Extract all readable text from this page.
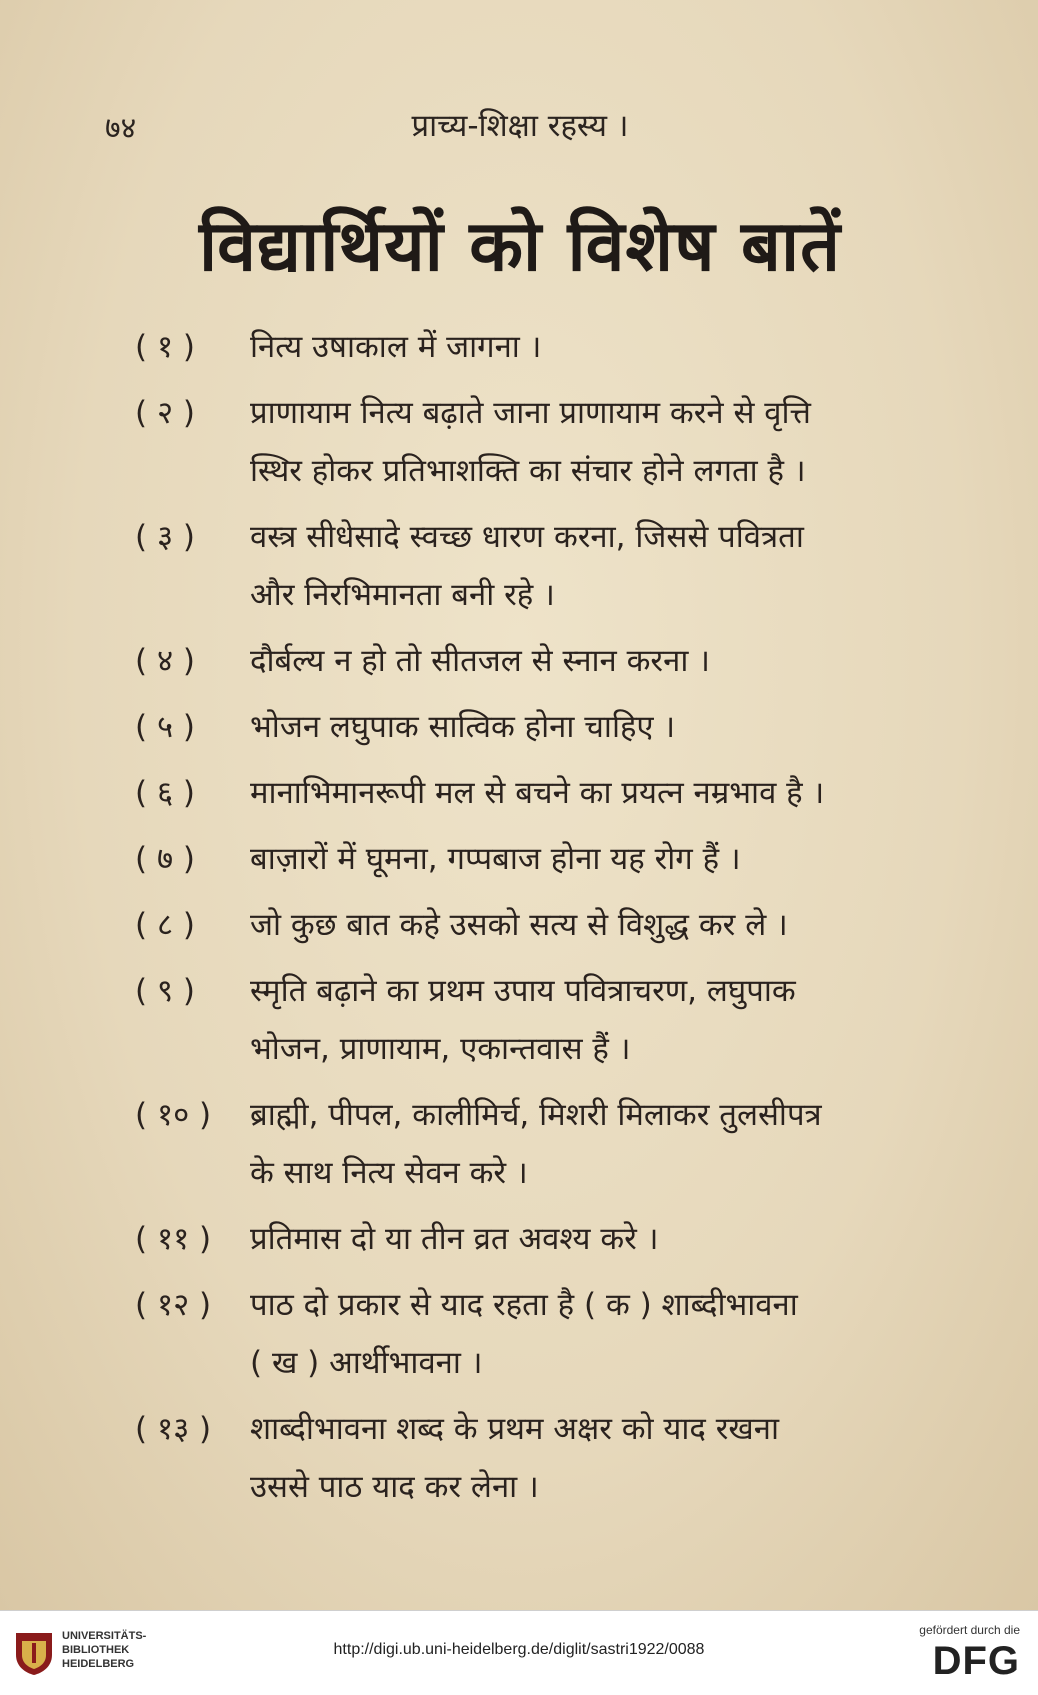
७४	प्राच्य-शिक्षा रहस्य ।
विद्यार्थियों को विशेष बातें
( १ )	नित्य उषाकाल में जागना ।
( २ )	प्राणायाम नित्य बढ़ाते जाना प्राणायाम करने से वृत्ति
स्थिर होकर प्रतिभाशक्ति का संचार होने लगता है ।
( ३ )	वस्त्र सीधेसादे स्वच्छ धारण करना, जिससे पवित्रता
और निरभिमानता बनी रहे ।
( ४ )	दौर्बल्य न हो तो सीतजल से स्नान करना ।
( ५ )	भोजन लघुपाक सात्विक होना चाहिए ।
( ६ )	मानाभिमानरूपी मल से बचने का प्रयत्न नम्रभाव है ।
( ७ )	बाज़ारों में घूमना, गप्पबाज होना यह रोग हैं ।
( ८ )	जो कुछ बात कहे उसको सत्य से विशुद्ध कर ले ।
( ९ )	स्मृति बढ़ाने का प्रथम उपाय पवित्राचरण, लघुपाक
भोजन, प्राणायाम, एकान्तवास हैं ।
( १० )	ब्राह्मी, पीपल, कालीमिर्च, मिशरी मिलाकर तुलसीपत्र
के साथ नित्य सेवन करे ।
( ११ )	प्रतिमास दो या तीन व्रत अवश्य करे ।
( १२ )	पाठ दो प्रकार से याद रहता है ( क ) शाब्दीभावना
( ख ) आर्थीभावना ।
( १३ )	शाब्दीभावना शब्द के प्रथम अक्षर को याद रखना
उससे पाठ याद कर लेना ।
UNIVERSITÄTS-
BIBLIOTHEK
HEIDELBERG
http://digi.ub.uni-heidelberg.de/diglit/sastri1922/0088
gefördert durch die
DFG
